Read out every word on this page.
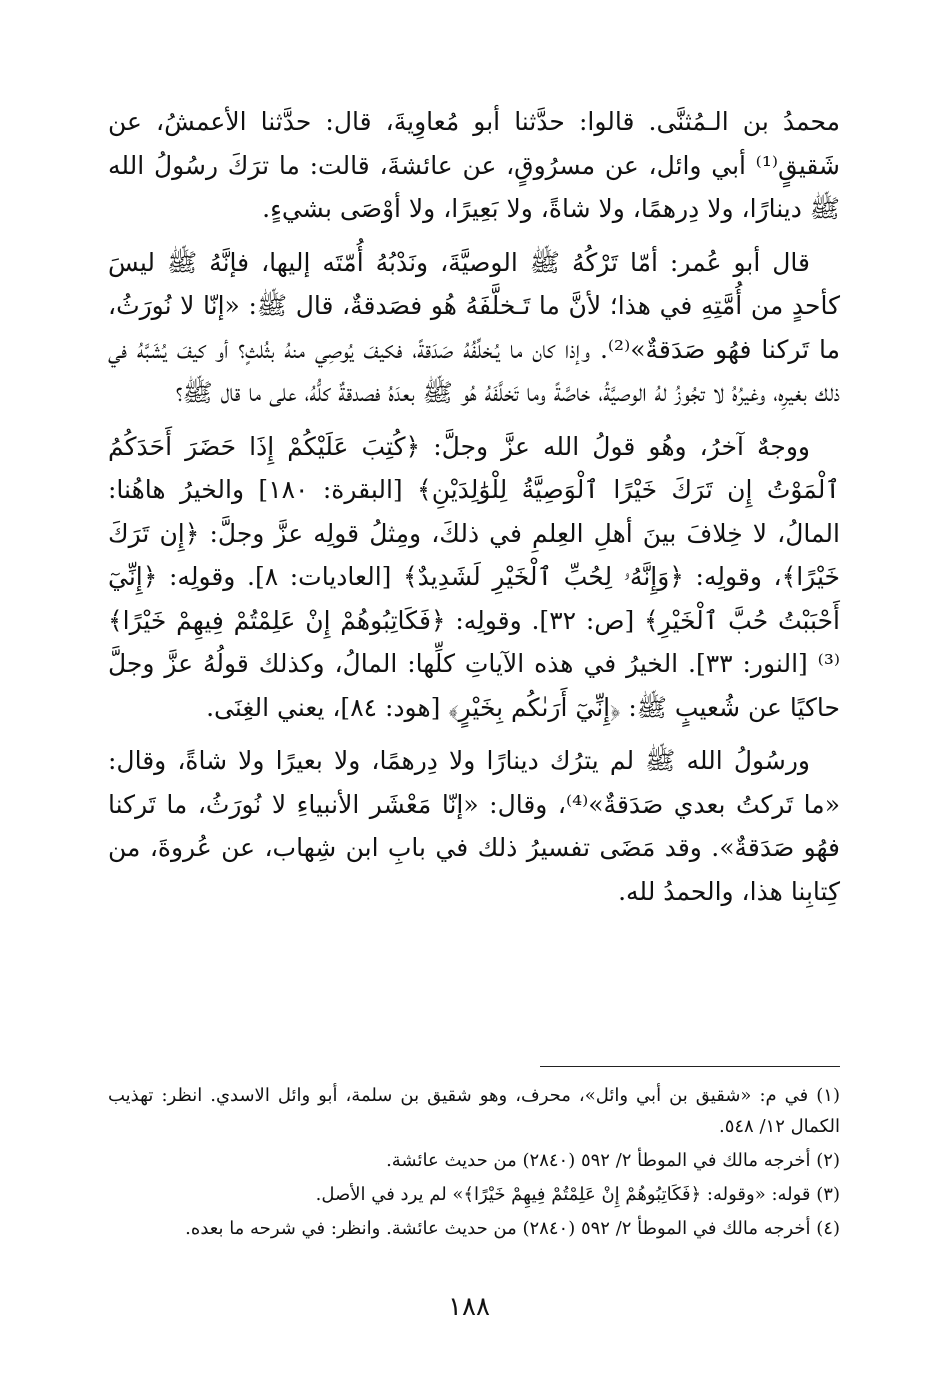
محمدُ بن الـمُثنَّى. قالوا: حدَّثنا أبو مُعاوِيةَ، قال: حدَّثنا الأعمشُ، عن شَقيقٍ⁽¹⁾ أبي وائل، عن مسرُوقٍ، عن عائشةَ، قالت: ما ترَكَ رسُولُ الله ﷺ دينارًا، ولا دِرهمًا، ولا شاةً، ولا بَعِيرًا، ولا أوْصَى بشيءٍ.

قال أبو عُمر: أمّا تَرْكُهُ ﷺ الوصيَّةَ، ونَدْبُهُ أُمّتَه إليها، فإنَّهُ ﷺ ليسَ كأحدٍ من أُمَّتِهِ في هذا؛ لأنَّ ما تَـخلَّفَهُ هُو فصَدقةٌ، قال ﷺ: «إنّا لا نُورَثُ، ما تَركنا فهُو صَدَقةٌ»⁽²⁾. وإذا كان ما يُـخلِّفُهُ صَدَقةً، فكيفَ يُوصِي منهُ بثُلثٍ؟ أو كيفَ يُشَبَّهُ في ذلك بغيرِه، وغيرُهُ لا تجُوزُ لهُ الوصيَّةُ، خاصَّةً وما تَخلَّفَهُ هُو ﷺ بعدَهُ فصدقةٌ كلُّهُ، على ما قال ﷺ؟

ووجهٌ آخرُ، وهُو قولُ الله عزَّ وجلَّ: ﴿كُتِبَ عَلَيْكُمْ إِذَا حَضَرَ أَحَدَكُمُ ٱلْمَوْتُ إِن تَرَكَ خَيْرًا ٱلْوَصِيَّةُ لِلْوَٰلِدَيْنِ﴾ [البقرة: ١٨٠] والخيرُ هاهُنا: المالُ، لا خِلافَ بينَ أهلِ العِلمِ في ذلكَ، ومِثلُ قولِه عزَّ وجلَّ: ﴿إِن تَرَكَ خَيْرًا﴾، وقولِه: ﴿وَإِنَّهُۥ لِحُبِّ ٱلْخَيْرِ لَشَدِيدٌ﴾ [العاديات: ٨]. وقولِه: ﴿إِنِّيٓ أَحْبَبْتُ حُبَّ ٱلْخَيْرِ﴾ [ص: ٣٢]. وقولِه: ﴿فَكَاتِبُوهُمْ إِنْ عَلِمْتُمْ فِيهِمْ خَيْرًا﴾⁽³⁾ [النور: ٣٣]. الخيرُ في هذه الآياتِ كلِّها: المالُ، وكذلك قولُهُ عزَّ وجلَّ حاكيًا عن شُعيبٍ ﷺ: ﴿إِنِّيٓ أَرَىٰكُم بِخَيْرٍ﴾ [هود: ٨٤]، يعني الغِنَى.

ورسُولُ الله ﷺ لم يترُك دينارًا ولا دِرهمًا، ولا بعيرًا ولا شاةً، وقال: «ما تَركتُ بعدي صَدَقةٌ»⁽⁴⁾، وقال: «إنّا مَعْشَر الأنبياءِ لا نُورَثُ، ما تَركنا فهُو صَدَقةٌ». وقد مَضَى تفسيرُ ذلك في بابِ ابن شِهاب، عن عُروةَ، من كِتابِنا هذا، والحمدُ لله.

(١) في م: «شقيق بن أبي وائل»، محرف، وهو شقيق بن سلمة، أبو وائل الاسدي. انظر: تهذيب الكمال ١٢/ ٥٤٨.

(٢) أخرجه مالك في الموطأ ٢/ ٥٩٢ (٢٨٤٠) من حديث عائشة.

(٣) قوله: «وقوله: ﴿فَكَاتِبُوهُمْ إِنْ عَلِمْتُمْ فِيهِمْ خَيْرًا﴾» لم يرد في الأصل.

(٤) أخرجه مالك في الموطأ ٢/ ٥٩٢ (٢٨٤٠) من حديث عائشة. وانظر: في شرحه ما بعده.

١٨٨
